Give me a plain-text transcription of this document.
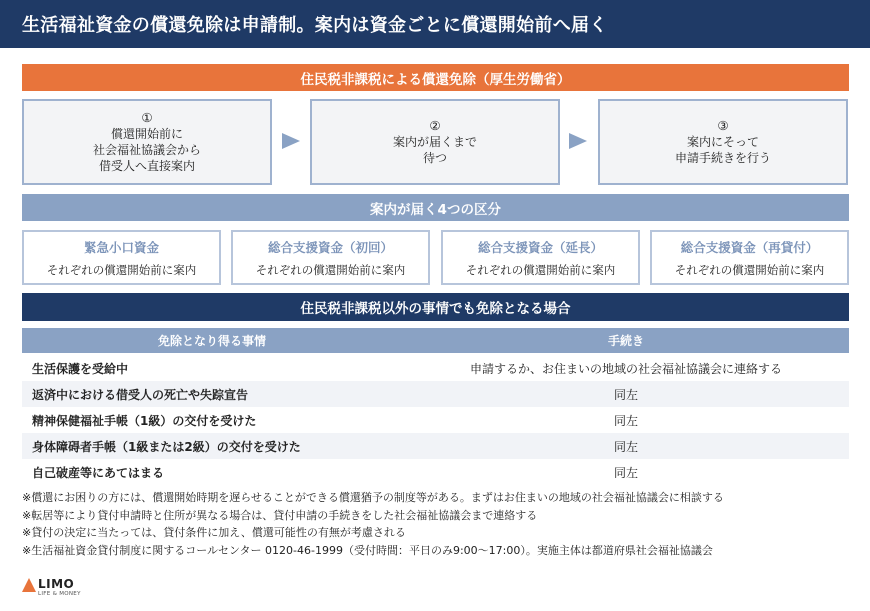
生活福祉資金の償還免除は申請制。案内は資金ごとに償還開始前へ届く
住民税非課税による償還免除（厚生労働省）
①
償還開始前に
社会福祉協議会から
借受人へ直接案内
②
案内が届くまで
待つ
③
案内にそって
申請手続きを行う
案内が届く4つの区分
緊急小口資金
それぞれの償還開始前に案内
総合支援資金（初回）
それぞれの償還開始前に案内
総合支援資金（延長）
それぞれの償還開始前に案内
総合支援資金（再貸付）
それぞれの償還開始前に案内
住民税非課税以外の事情でも免除となる場合
免除となり得る事情	手続き
生活保護を受給中	申請するか、お住まいの地域の社会福祉協議会に連絡する
返済中における借受人の死亡や失踪宣告	同左
精神保健福祉手帳（1級）の交付を受けた	同左
身体障碍者手帳（1級または2級）の交付を受けた	同左
自己破産等にあてはまる	同左
※償還にお困りの方には、償還開始時期を遅らせることができる償還猶予の制度等がある。まずはお住まいの地域の社会福祉協議会に相談する
※転居等により貸付申請時と住所が異なる場合は、貸付申請の手続きをした社会福祉協議会まで連絡する
※貸付の決定に当たっては、貸付条件に加え、償還可能性の有無が考慮される
※生活福祉資金貸付制度に関するコールセンター 0120-46-1999（受付時間：平日のみ9:00〜17:00）。実施主体は都道府県社会福祉協議会
LIMO
LIFE & MONEY
